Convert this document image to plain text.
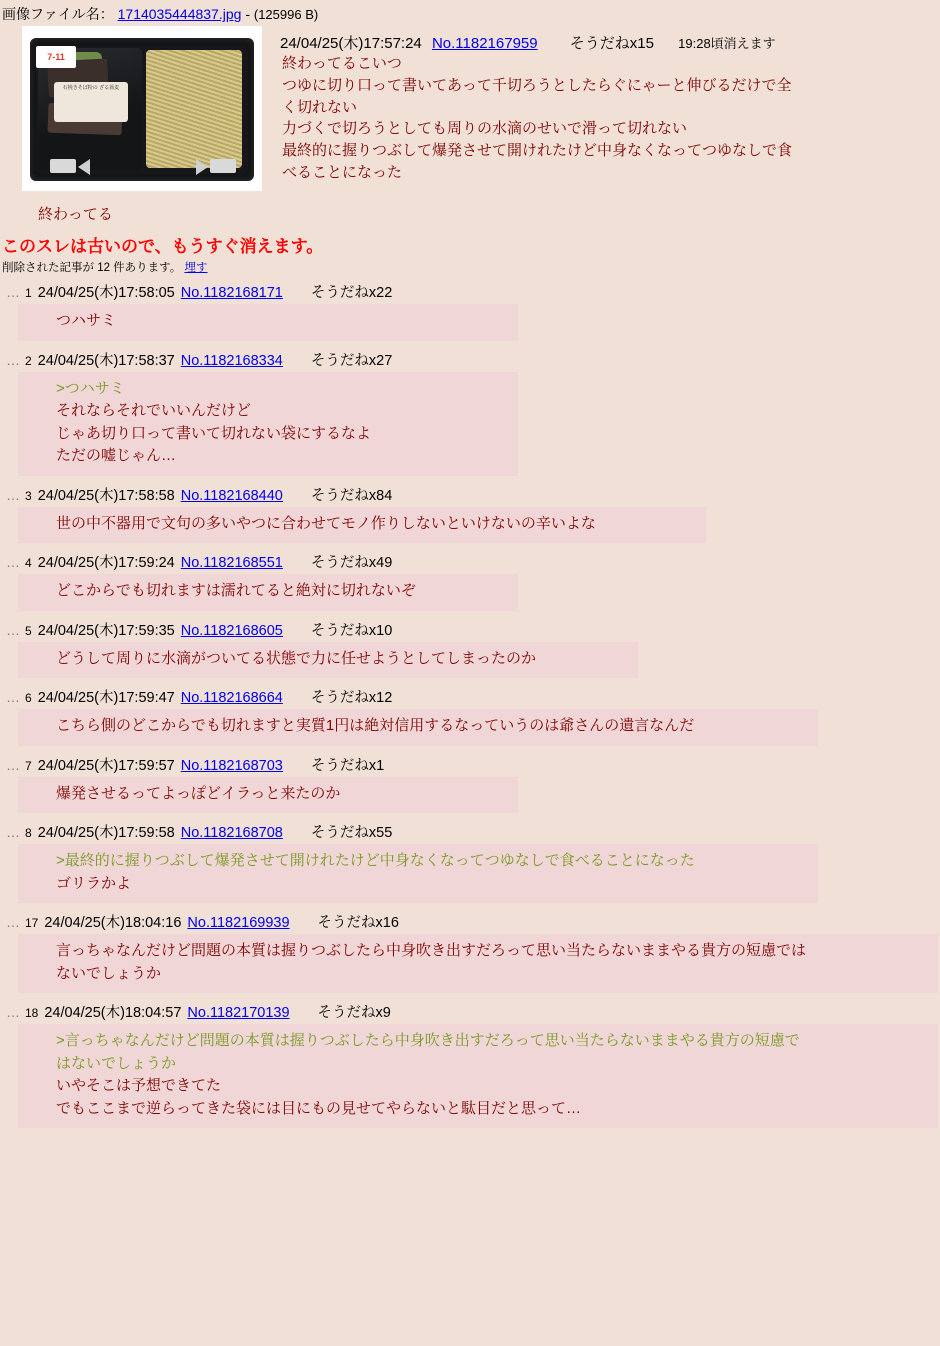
画像ファイル名： 1714035444837.jpg - (125996 B)
石挽きそば粉の ざる蕎麦
7-11
終わってる
24/04/25(木)17:57:24 No.1182167959 そうだねx15 19:28頃消えます
終わってるこいつ
つゆに切り口って書いてあって千切ろうとしたらぐにゃーと伸びるだけで全
く切れない
力づくで切ろうとしても周りの水滴のせいで滑って切れない
最終的に握りつぶして爆発させて開けれたけど中身なくなってつゆなしで食
べることになった
このスレは古いので、もうすぐ消えます。
削除された記事が 12 件あります。 埋す
… 1 24/04/25(木)17:58:05 No.1182168171 そうだねx22
つハサミ
… 2 24/04/25(木)17:58:37 No.1182168334 そうだねx27
>つハサミ
それならそれでいいんだけど
じゃあ切り口って書いて切れない袋にするなよ
ただの嘘じゃん…
… 3 24/04/25(木)17:58:58 No.1182168440 そうだねx84
世の中不器用で文句の多いやつに合わせてモノ作りしないといけないの辛いよな
… 4 24/04/25(木)17:59:24 No.1182168551 そうだねx49
どこからでも切れますは濡れてると絶対に切れないぞ
… 5 24/04/25(木)17:59:35 No.1182168605 そうだねx10
どうして周りに水滴がついてる状態で力に任せようとしてしまったのか
… 6 24/04/25(木)17:59:47 No.1182168664 そうだねx12
こちら側のどこからでも切れますと実質1円は絶対信用するなっていうのは爺さんの遺言なんだ
… 7 24/04/25(木)17:59:57 No.1182168703 そうだねx1
爆発させるってよっぽどイラっと来たのか
… 8 24/04/25(木)17:59:58 No.1182168708 そうだねx55
>最終的に握りつぶして爆発させて開けれたけど中身なくなってつゆなしで食べることになった
ゴリラかよ
… 17 24/04/25(木)18:04:16 No.1182169939 そうだねx16
言っちゃなんだけど問題の本質は握りつぶしたら中身吹き出すだろって思い当たらないままやる貴方の短慮では
ないでしょうか
… 18 24/04/25(木)18:04:57 No.1182170139 そうだねx9
>言っちゃなんだけど問題の本質は握りつぶしたら中身吹き出すだろって思い当たらないままやる貴方の短慮で
はないでしょうか
いやそこは予想できてた
でもここまで逆らってきた袋には目にもの見せてやらないと駄目だと思って…
